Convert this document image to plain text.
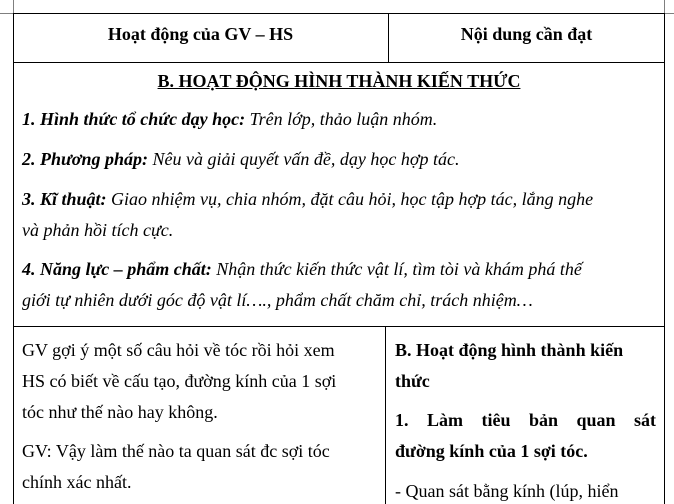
Hoạt động của GV – HS	Nội dung cần đạt
B. HOẠT ĐỘNG HÌNH THÀNH KIẾN THỨC
1. Hình thức tổ chức dạy học: Trên lớp, thảo luận nhóm.
2. Phương pháp: Nêu và giải quyết vấn đề, dạy học hợp tác.
3. Kĩ thuật: Giao nhiệm vụ, chia nhóm, đặt câu hỏi, học tập hợp tác, lắng nghe
và phản hồi tích cực.
4. Năng lực – phẩm chất: Nhận thức kiến thức vật lí, tìm tòi và khám phá thế
giới tự nhiên dưới góc độ vật lí…., phẩm chất chăm chỉ, trách nhiệm…
GV gợi ý một số câu hỏi về tóc rồi hỏi xem
HS có biết về cấu tạo, đường kính của 1 sợi
tóc như thế nào hay không.
GV: Vậy làm thế nào ta quan sát đc sợi tóc
chính xác nhất.
B. Hoạt động hình thành kiến
thức
1. Làm tiêu bản quan sát
đường kính của 1 sợi tóc.
- Quan sát bằng kính (lúp, hiển
